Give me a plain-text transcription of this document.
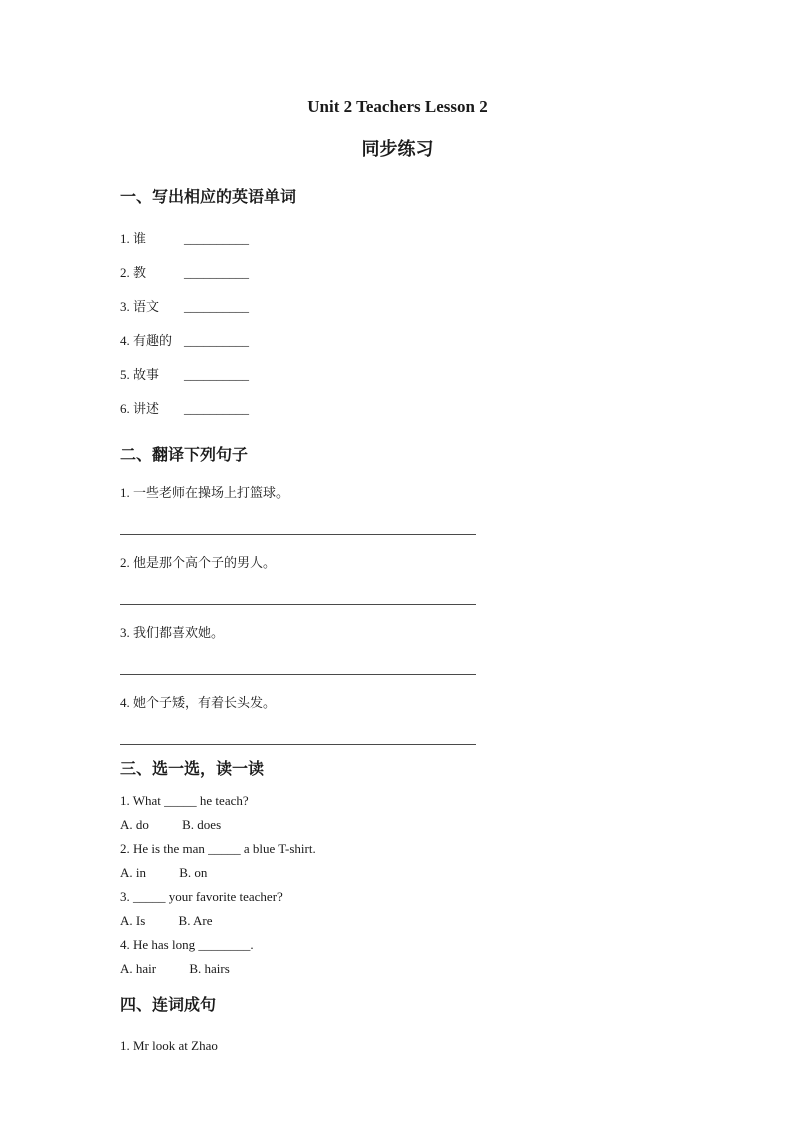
Unit 2 Teachers Lesson 2
同步练习
一、写出相应的英语单词
1. 谁	__________
2. 教	__________
3. 语文	__________
4. 有趣的 __________
5. 故事	__________
6. 讲述	__________
二、翻译下列句子
1. 一些老师在操场上打篮球。
2. 他是那个高个子的男人。
3. 我们都喜欢她。
4. 她个子矮，有着长头发。
三、选一选，读一读
1. What _____ he teach?
A. do	B. does
2. He is the man _____ a blue T-shirt.
A. in	B. on
3. _____ your favorite teacher?
A. Is	B. Are
4. He has long ________.
A. hair	B. hairs
四、连词成句
1. Mr look at Zhao
